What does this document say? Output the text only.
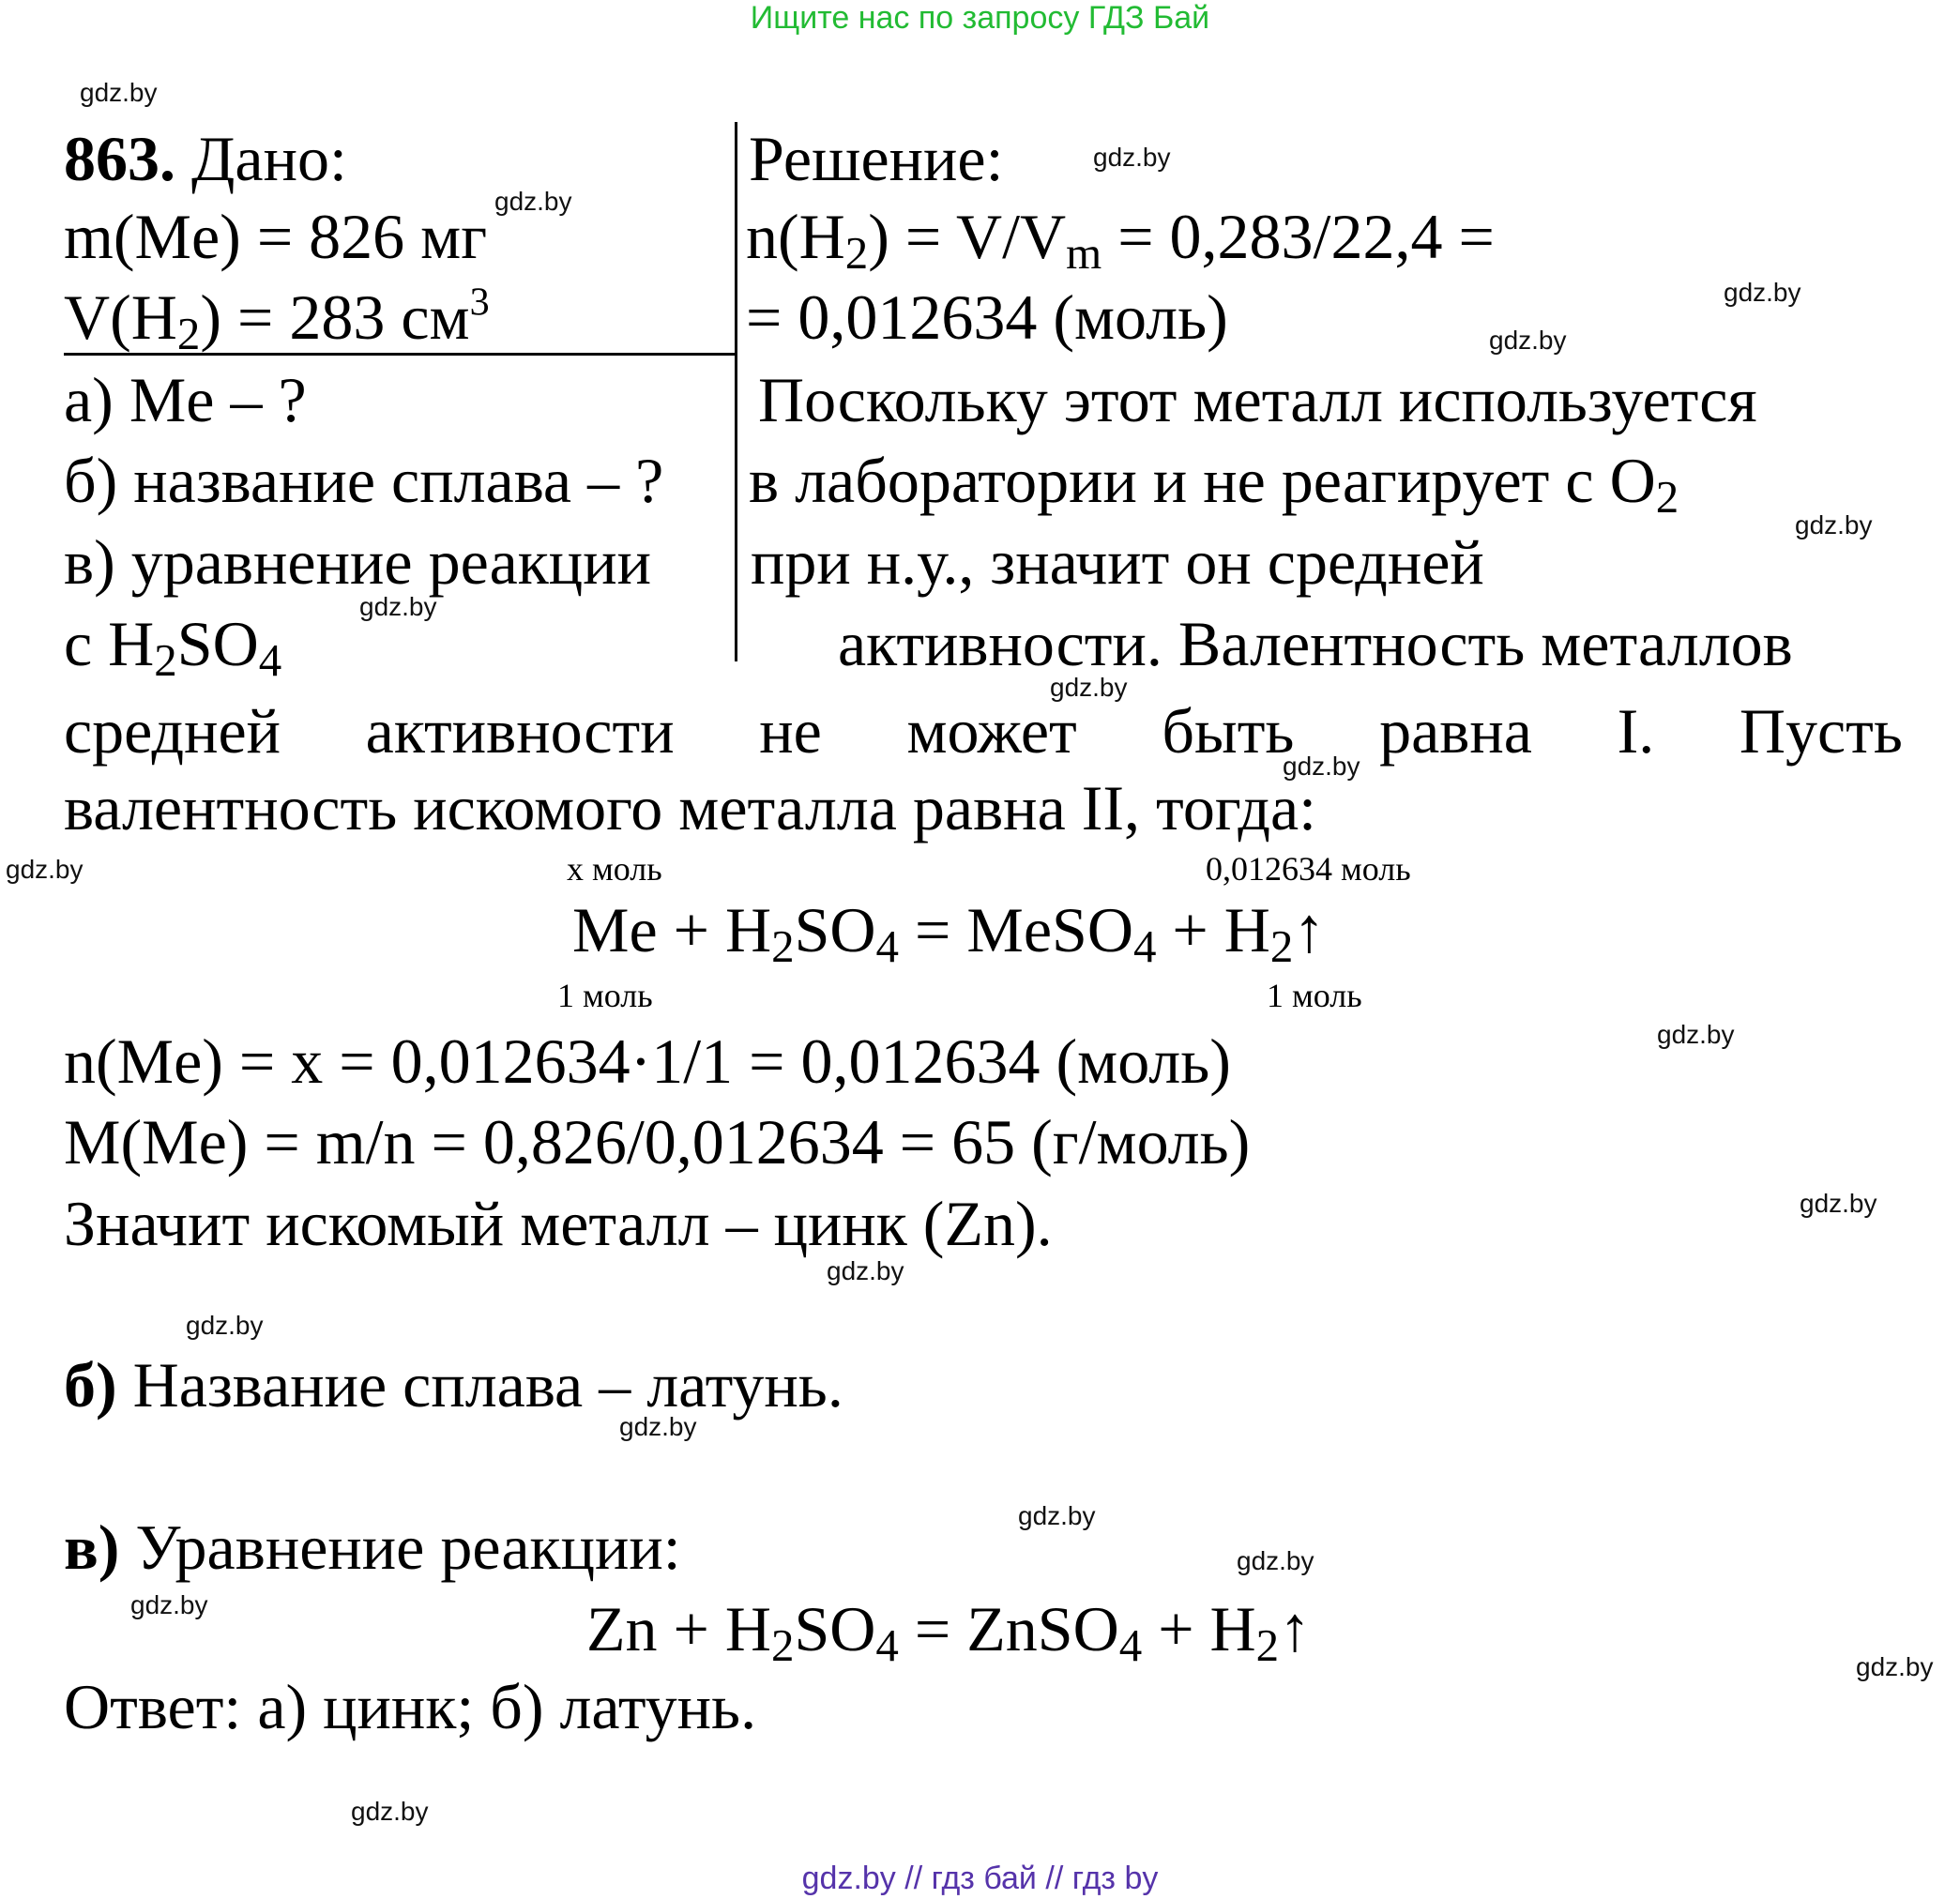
Ищите нас по запросу ГДЗ Бай
gdz.by
gdz.by
gdz.by
gdz.by
gdz.by
gdz.by
gdz.by
gdz.by
gdz.by
gdz.by
gdz.by
gdz.by
gdz.by
gdz.by
gdz.by
gdz.by
gdz.by
gdz.by
gdz.by
gdz.by
863. Дано:
m(Me) = 826 мг
$V(H_2) = 283$ $см^3$
а) Me – ?
б) название сплава – ?
в) уравнение реакции
с $H_2SO_4$
Решение:
$n(H_2) = V/V_m = 0,283/22,4$ =
= 0,012634 (моль)
Поскольку этот металл используется
в лаборатории и не реагирует с $O_2$
при н.у., значит он средней
активности. Валентность металлов
средней активности не может быть равна I. Пусть
валентность искомого металла равна II, тогда:
x моль	0,012634 моль
$Me + H_2SO_4$ = MeSO$_4$ + $H_2↑$
1 моль	1 моль
n(Me) = x = 0,012634·1/1 = 0,012634 (моль)
M(Me) = m/n = 0,826/0,012634 = 65 (г/моль)
Значит искомый металл – цинк (Zn).
б) Название сплава – латунь.
в) Уравнение реакции:
$Zn + H_2SO_4$ = ZnSO$_4$ + $H_2↑$
Ответ: а) цинк; б) латунь.
gdz.by // гдз бай // гдз by
